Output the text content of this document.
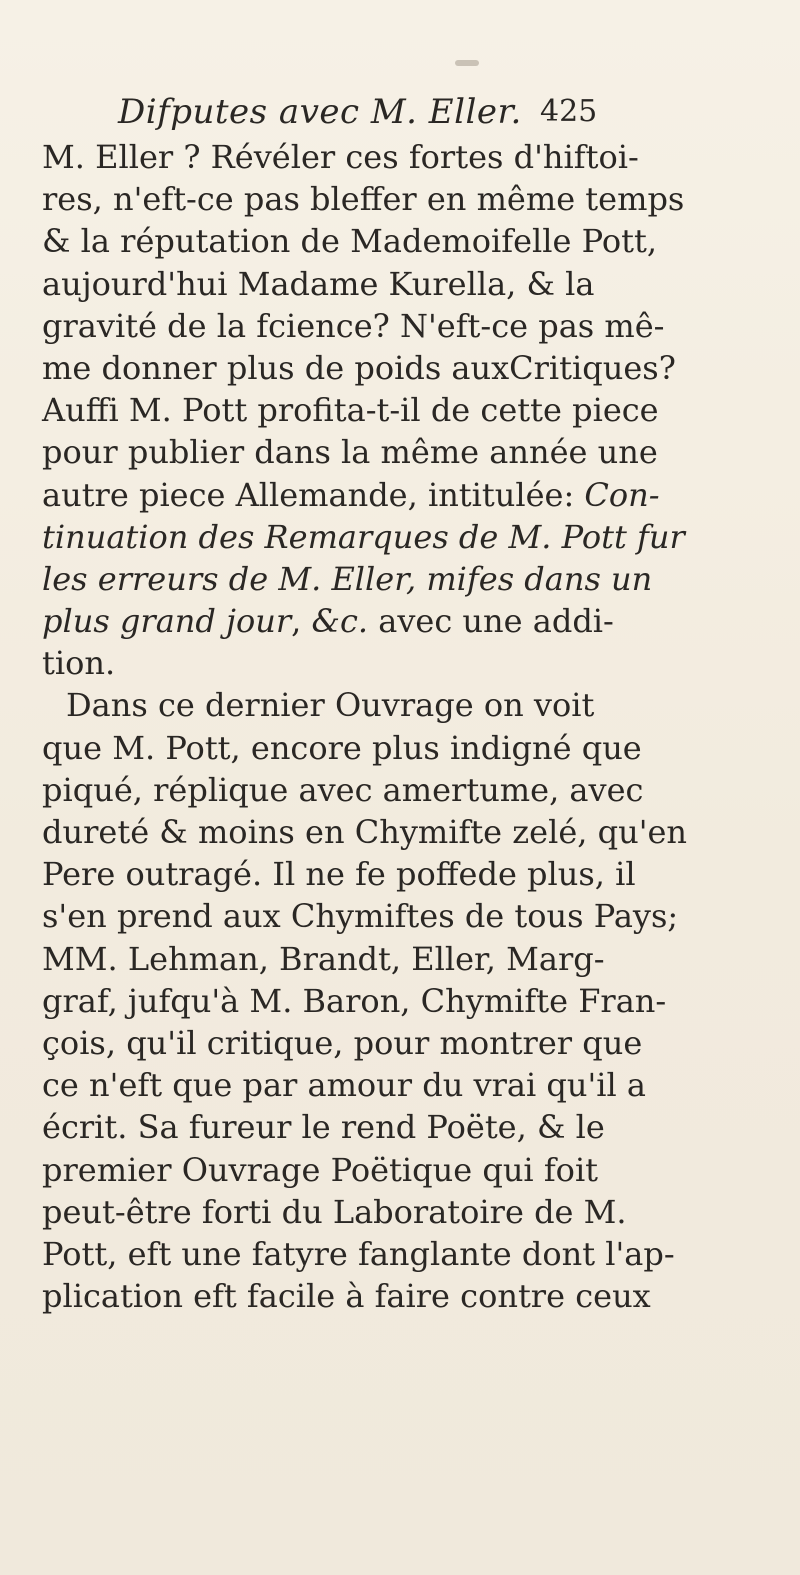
Difputes avec M. Eller. 425
M. Eller ? Révéler ces fortes d'hiftoi-
res, n'eft-ce pas bleffer en même temps
& la réputation de Mademoifelle Pott,
aujourd'hui Madame Kurella, & la
gravité de la fcience? N'eft-ce pas mê-
me donner plus de poids auxCritiques?
Auffi M. Pott profita-t-il de cette piece
pour publier dans la même année une
autre piece Allemande, intitulée: Con-
tinuation des Remarques de M. Pott fur
les erreurs de M. Eller, mifes dans un
plus grand jour, &c. avec une addi-
tion.
Dans ce dernier Ouvrage on voit
que M. Pott, encore plus indigné que
piqué, réplique avec amertume, avec
dureté & moins en Chymifte zelé, qu'en
Pere outragé. Il ne fe poffede plus, il
s'en prend aux Chymiftes de tous Pays;
MM. Lehman, Brandt, Eller, Marg-
graf, jufqu'à M. Baron, Chymifte Fran-
çois, qu'il critique, pour montrer que
ce n'eft que par amour du vrai qu'il a
écrit. Sa fureur le rend Poëte, & le
premier Ouvrage Poëtique qui foit
peut-être forti du Laboratoire de M.
Pott, eft une fatyre fanglante dont l'ap-
plication eft facile à faire contre ceux
